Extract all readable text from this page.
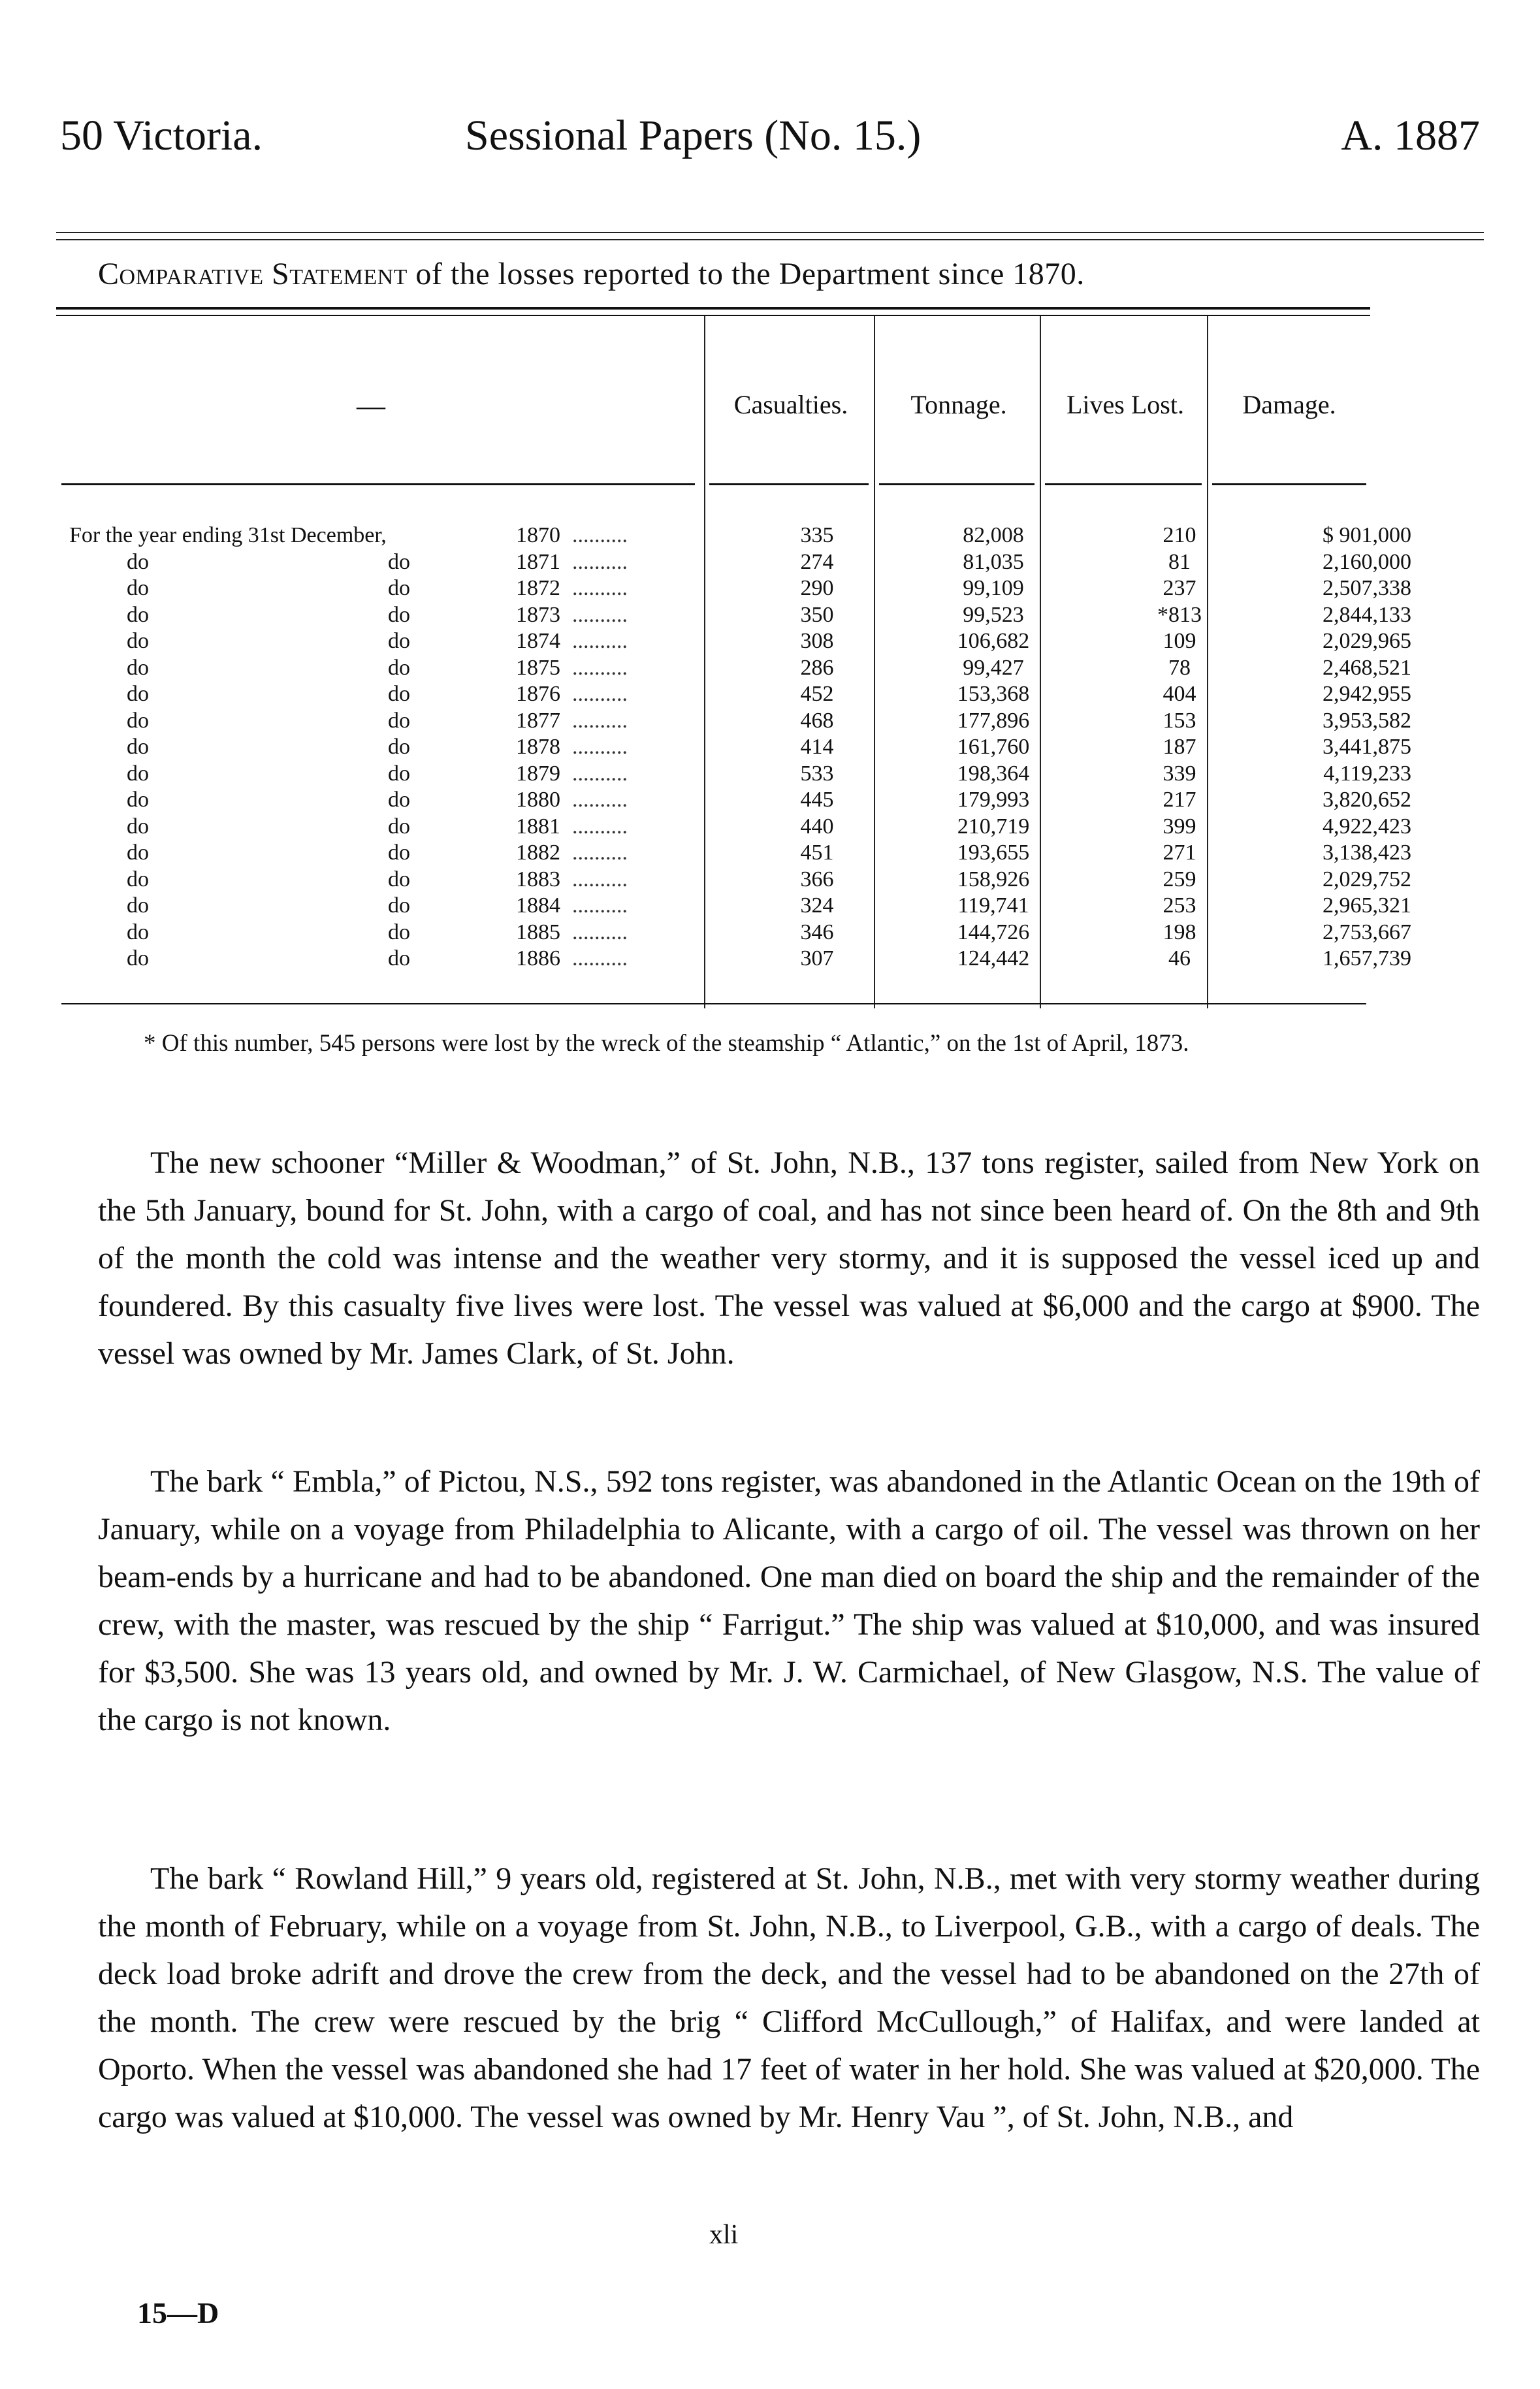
50 Victoria.	Sessional Papers (No. 15.)	A. 1887
Comparative Statement of the losses reported to the Department since 1870.
—	Casualties.	Tonnage.	Lives Lost.	Damage.
For the year ending 31st December,	1870 ..........	335	82,008	210	$ 901,000
do	do	1871 ..........	274	81,035	81	2,160,000
do	do	1872 ..........	290	99,109	237	2,507,338
do	do	1873 ..........	350	99,523	*813	2,844,133
do	do	1874 ..........	308	106,682	109	2,029,965
do	do	1875 ..........	286	99,427	78	2,468,521
do	do	1876 ..........	452	153,368	404	2,942,955
do	do	1877 ..........	468	177,896	153	3,953,582
do	do	1878 ..........	414	161,760	187	3,441,875
do	do	1879 ..........	533	198,364	339	4,119,233
do	do	1880 ..........	445	179,993	217	3,820,652
do	do	1881 ..........	440	210,719	399	4,922,423
do	do	1882 ..........	451	193,655	271	3,138,423
do	do	1883 ..........	366	158,926	259	2,029,752
do	do	1884 ..........	324	119,741	253	2,965,321
do	do	1885 ..........	346	144,726	198	2,753,667
do	do	1886 ..........	307	124,442	46	1,657,739
* Of this number, 545 persons were lost by the wreck of the steamship “ Atlantic,” on the 1st of April, 1873.

The new schooner “Miller & Woodman,” of St. John, N.B., 137 tons register, sailed from New York on the 5th January, bound for St. John, with a cargo of coal, and has not since been heard of. On the 8th and 9th of the month the cold was intense and the weather very stormy, and it is supposed the vessel iced up and foundered. By this casualty five lives were lost. The vessel was valued at $6,000 and the cargo at $900. The vessel was owned by Mr. James Clark, of St. John.

The bark “ Embla,” of Pictou, N.S., 592 tons register, was abandoned in the Atlantic Ocean on the 19th of January, while on a voyage from Philadelphia to Alicante, with a cargo of oil. The vessel was thrown on her beam-ends by a hurricane and had to be abandoned. One man died on board the ship and the remainder of the crew, with the master, was rescued by the ship “ Farrigut.” The ship was valued at $10,000, and was insured for $3,500. She was 13 years old, and owned by Mr. J. W. Carmichael, of New Glasgow, N.S. The value of the cargo is not known.

The bark “ Rowland Hill,” 9 years old, registered at St. John, N.B., met with very stormy weather during the month of February, while on a voyage from St. John, N.B., to Liverpool, G.B., with a cargo of deals. The deck load broke adrift and drove the crew from the deck, and the vessel had to be abandoned on the 27th of the month. The crew were rescued by the brig “ Clifford McCullough,” of Halifax, and were landed at Oporto. When the vessel was abandoned she had 17 feet of water in her hold. She was valued at $20,000. The cargo was valued at $10,000. The vessel was owned by Mr. Henry Vau ”, of St. John, N.B., and

xli
15—D
